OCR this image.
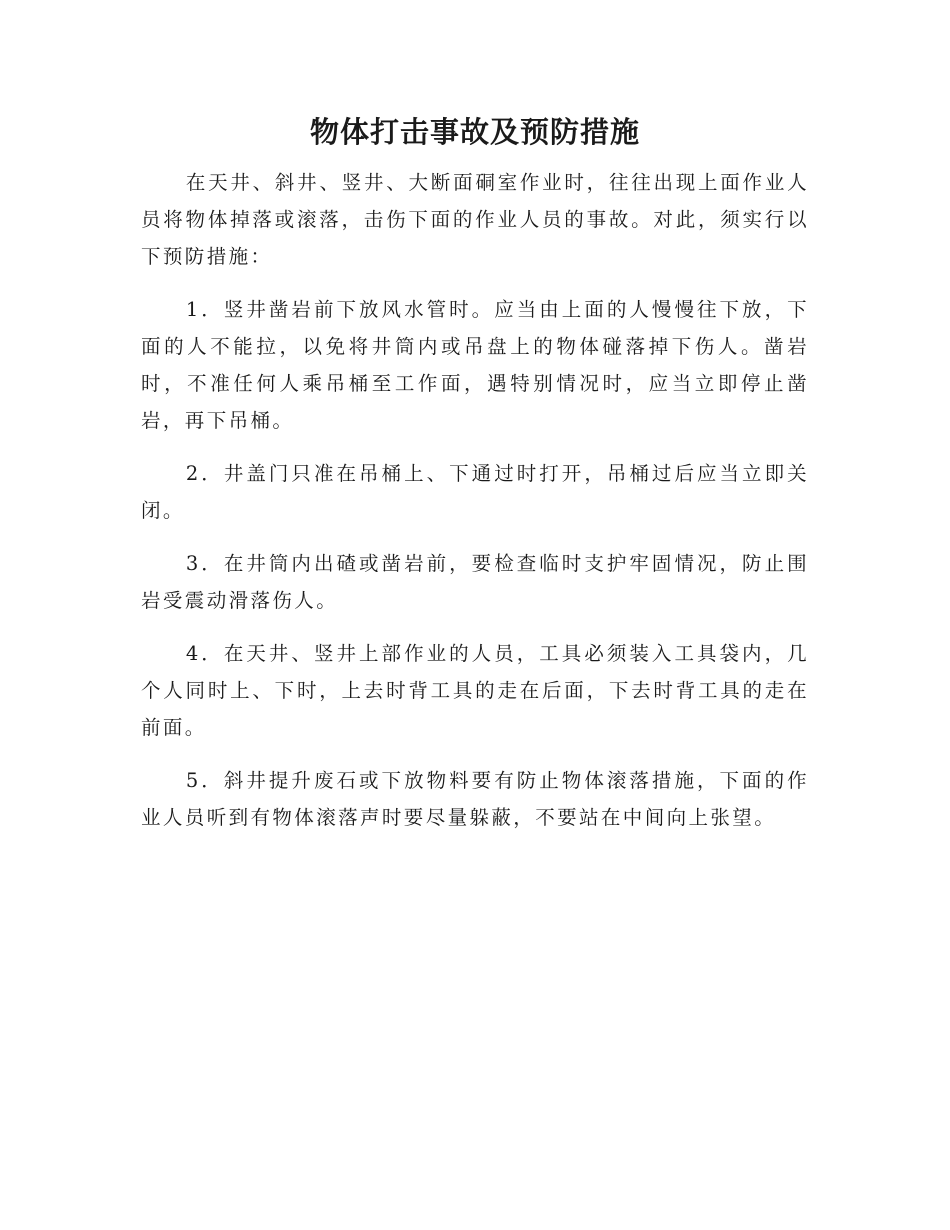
物体打击事故及预防措施

在天井、斜井、竖井、大断面硐室作业时，往往出现上面作业人员将物体掉落或滚落，击伤下面的作业人员的事故。对此，须实行以下预防措施：

1．竖井凿岩前下放风水管时。应当由上面的人慢慢往下放，下面的人不能拉，以免将井筒内或吊盘上的物体碰落掉下伤人。凿岩时，不准任何人乘吊桶至工作面，遇特别情况时，应当立即停止凿岩，再下吊桶。

2．井盖门只准在吊桶上、下通过时打开，吊桶过后应当立即关闭。

3．在井筒内出碴或凿岩前，要检查临时支护牢固情况，防止围岩受震动滑落伤人。

4．在天井、竖井上部作业的人员，工具必须装入工具袋内，几个人同时上、下时，上去时背工具的走在后面，下去时背工具的走在前面。

5．斜井提升废石或下放物料要有防止物体滚落措施，下面的作业人员听到有物体滚落声时要尽量躲蔽，不要站在中间向上张望。
